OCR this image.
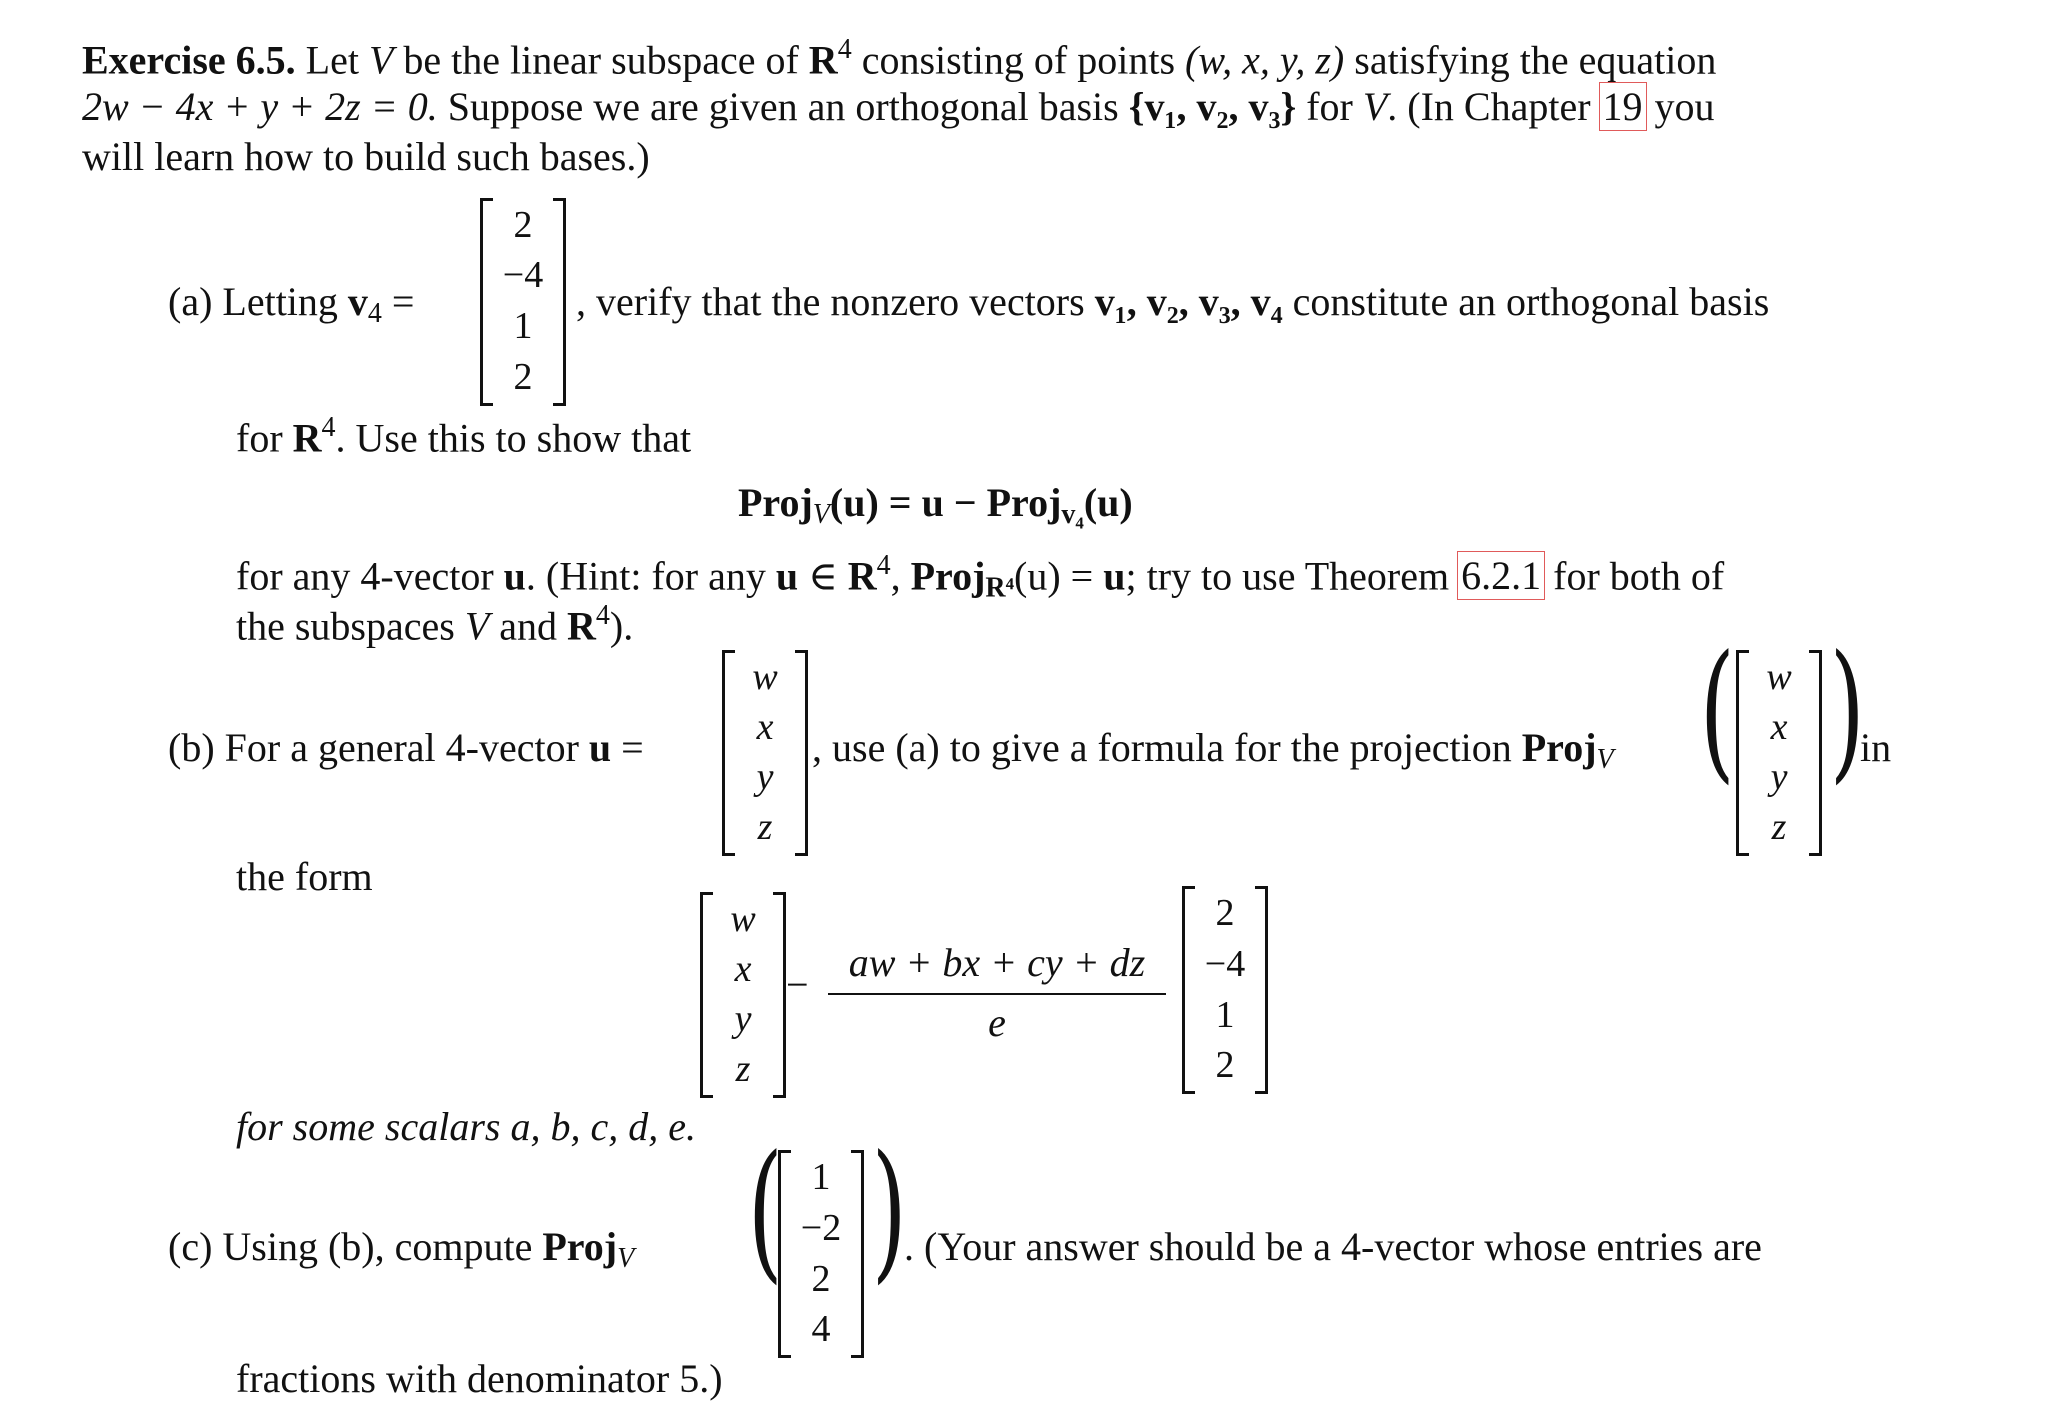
Exercise 6.5. Let V be the linear subspace of $R^4$ consisting of points (w, x, y, z) satisfying the equation
2w − 4x + y + 2z = 0. Suppose we are given an orthogonal basis {v₁, v₂, v₃} for V. (In Chapter 19 you
will learn how to build such bases.)
(a) Letting $v_4$ =
2
−4
1
2
, verify that the nonzero vectors v₁, v₂, v₃, v₄ constitute an orthogonal basis
for $R^4$. Use this to show that
Proj$_V$(u) = u − Proj$_{v_4}$(u)
for any 4-vector u. (Hint: for any u ∈ $R^4$, Proj$_{R^4}$(u) = u; try to use Theorem 6.2.1 for both of
the subspaces V and $R^4$).
(b) For a general 4-vector u =
w
x
y
z
, use (a) to give a formula for the projection Proj$_V$ ( w
x
y
z
)
in
the form
w
x
y
z
−	aw + bx + cy + dz
e
2
−4
1
2
for some scalars a, b, c, d, e.
(c) Using (b), compute Proj$_V$ ( 1
−2
2
4
)
. (Your answer should be a 4-vector whose entries are
fractions with denominator 5.)
